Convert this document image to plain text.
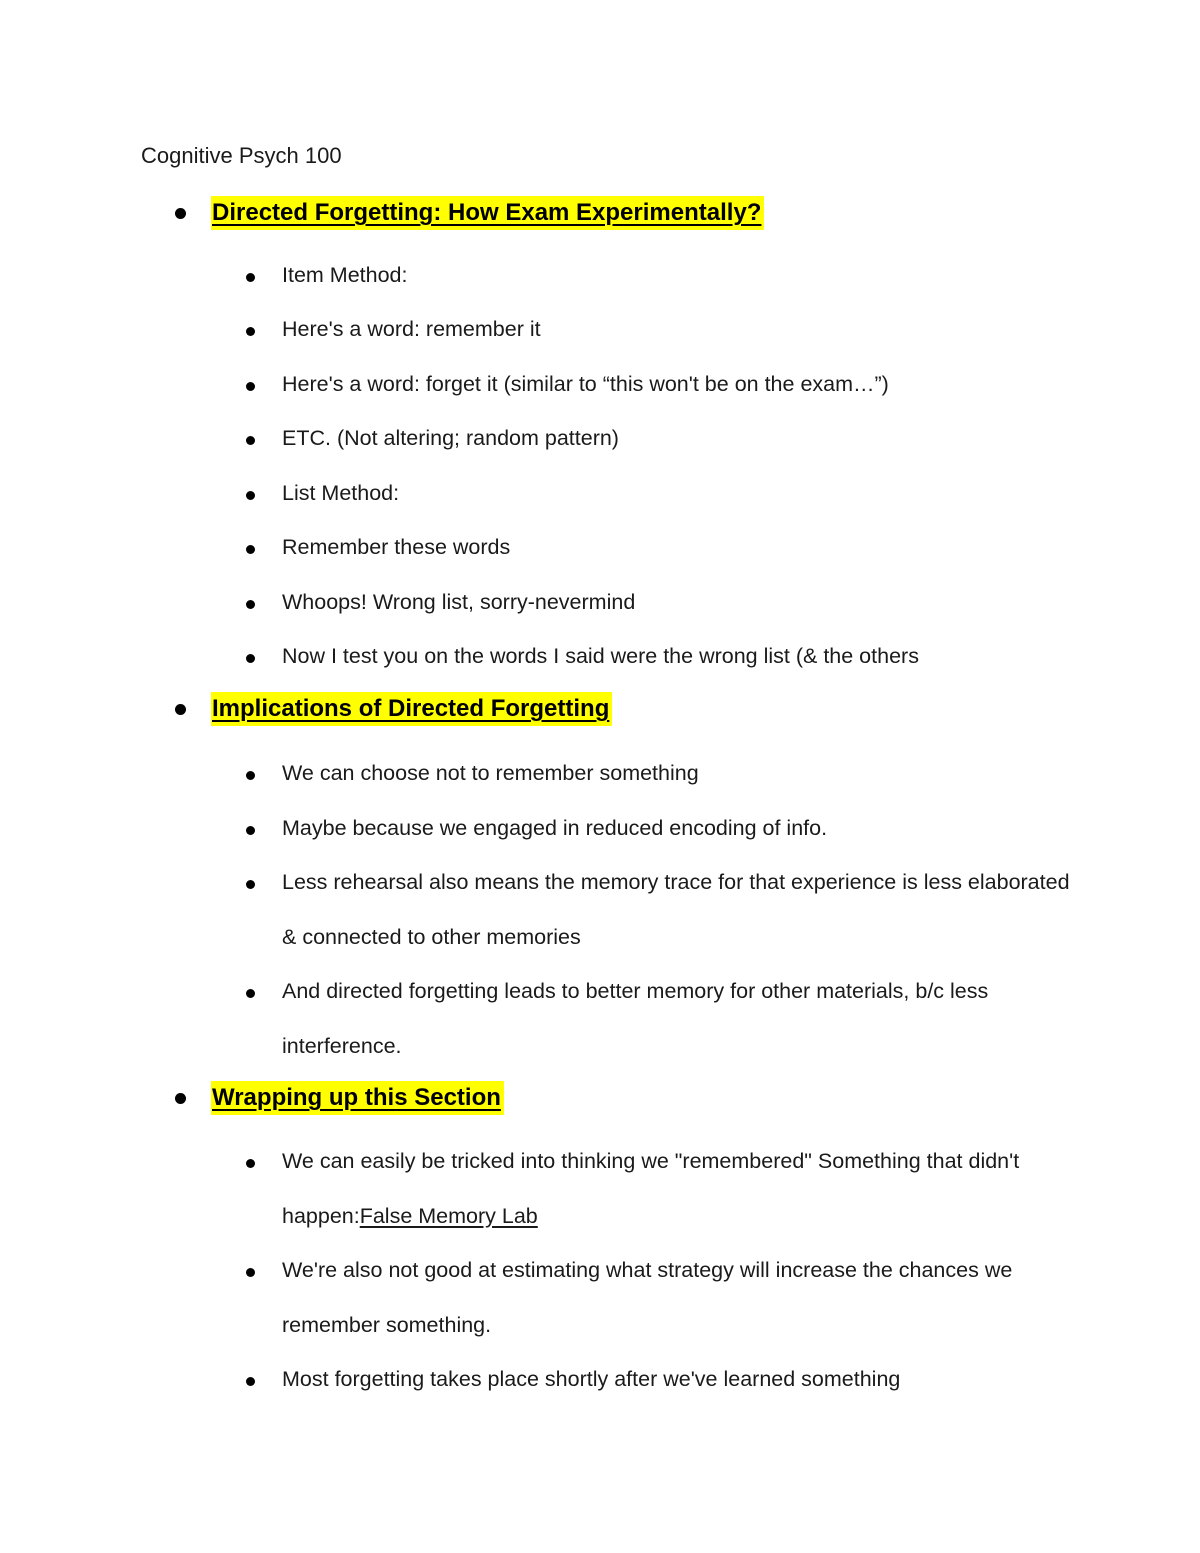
Cognitive Psych 100
Directed Forgetting: How Exam Experimentally?
Item Method:
Here's a word: remember it
Here's a word: forget it (similar to “this won't be on the exam…”)
ETC. (Not altering; random pattern)
List Method:
Remember these words
Whoops! Wrong list, sorry-nevermind
Now I test you on the words I said were the wrong list (& the others
Implications of Directed Forgetting
We can choose not to remember something
Maybe because we engaged in reduced encoding of info.
Less rehearsal also means the memory trace for that experience is less elaborated & connected to other memories
And directed forgetting leads to better memory for other materials, b/c less interference.
Wrapping up this Section
We can easily be tricked into thinking we "remembered" Something that didn't happen:False Memory Lab
We're also not good at estimating what strategy will increase the chances we remember something.
Most forgetting takes place shortly after we've learned something
